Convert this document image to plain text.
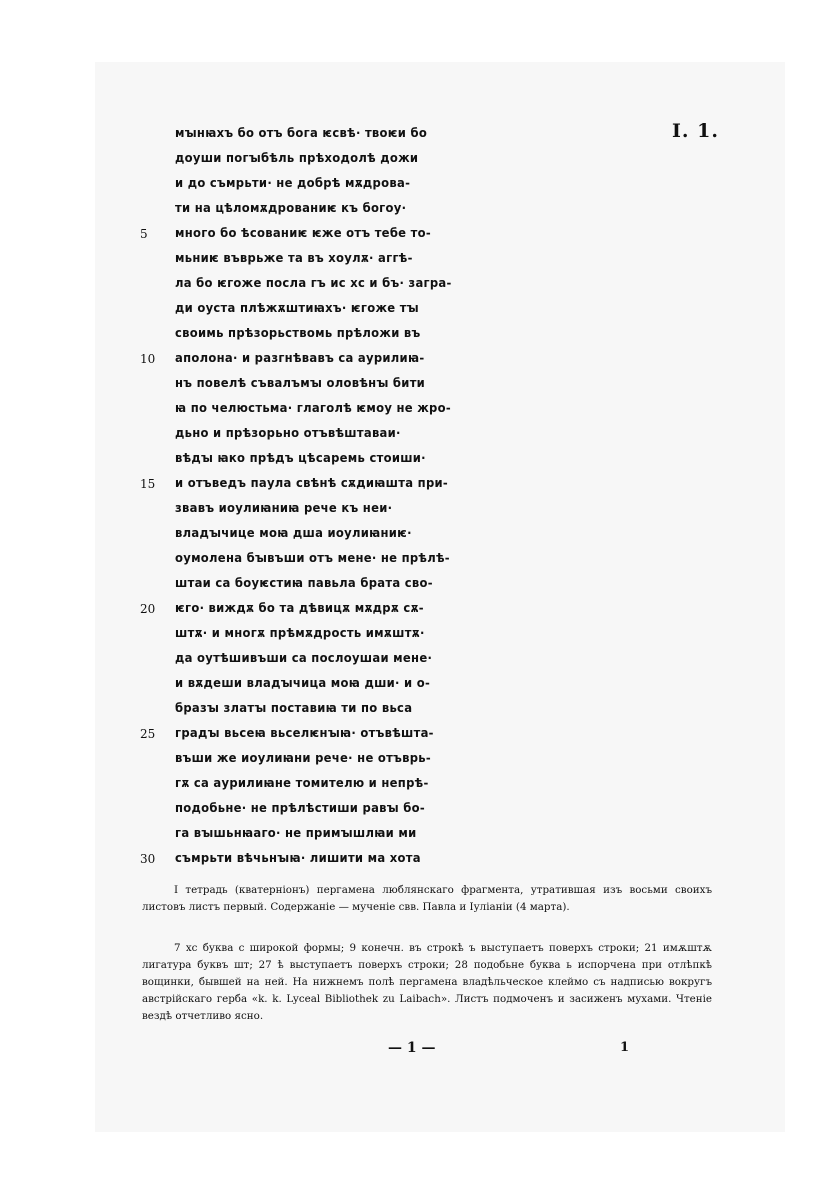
I. 1.
мꙑнꙗхъ бо отъ бога ѥсвѣ· твоѥи бо
доуши погꙑбѣль прѣходолѣ дожи
и до съмрьти· не добрѣ мѫдрова-
ти на цѣломѫдрованиѥ къ богоу·
много бо ѣсованиѥ ѥже отъ тебе то-
мьниѥ въврьже та въ хоулѫ· аггѣ-
ла бо ѥгоже посла гъ ис хс и бъ· загра-
ди оуста плѣжѫштиꙗхъ· ѥгоже тꙑ
своимь прѣзорьствомь прѣложи въ
аполона· и разгнѣвавъ са аурилиꙗ-
нъ повелѣ съвалъмꙑ оловѣнꙑ бити
ꙗ по челюстьма· глаголѣ ѥмоу не жро-
дьно и прѣзорьно отъвѣштаваи·
вѣдꙑ ꙗко прѣдъ цѣсаремь стоиши·
и отъведъ паула свѣнѣ сѫдиꙗшта при-
звавъ иоулиꙗниꙗ рече къ неи·
владꙑчице моꙗ дша иоулиꙗниѥ·
оумолена бꙑвъши отъ мене· не прѣлѣ-
штаи са боуѥстиꙗ павьла брата сво-
ѥго· виждѫ бо та дѣвицѫ мѫдрѫ сѫ-
штѫ· и многѫ прѣмѫдрость имѫштѫ·
да оутѣшивъши са послоушаи мене·
и вѫдеши владꙑчица моꙗ дши· и о-
бразꙑ златꙑ поставиꙗ ти по вьса
градꙑ вьсеꙗ вьселѥнꙑꙗ· отъвѣшта-
въши же иоулиꙗни рече· не отъврь-
гѫ са аурилиꙗне томителю и непрѣ-
подобьне· не прѣлѣстиши равꙑ бо-
га вꙑшьнꙗаго· не примꙑшлꙗи ми
съмрьти вѣчьнꙑꙗ· лишити ма хота
5
10
15
20
25
30
I тетрадь (кватерніонъ) пергамена люблянскаго фрагмента, утратившая изъ восьми своихъ листовъ листъ первый. Содержаніе — мученіе свв. Павла и Іуліаніи (4 марта).
7 хс буква с широкой формы; 9 конечн. въ строкѣ ъ выступаетъ поверхъ строки; 21 имѫштѫ лигатура буквъ шт; 27 ѣ выступаетъ поверхъ строки; 28 подобьне буква ь испорчена при отлѣпкѣ вощинки, бывшей на ней. На нижнемъ полѣ пергамена владѣльческое клеймо съ надписью вокругъ австрійскаго герба «k. k. Lyceal Bibliothek zu Laibach». Листъ подмоченъ и засиженъ мухами. Чтеніе вездѣ отчетливо ясно.
— 1 —	1
